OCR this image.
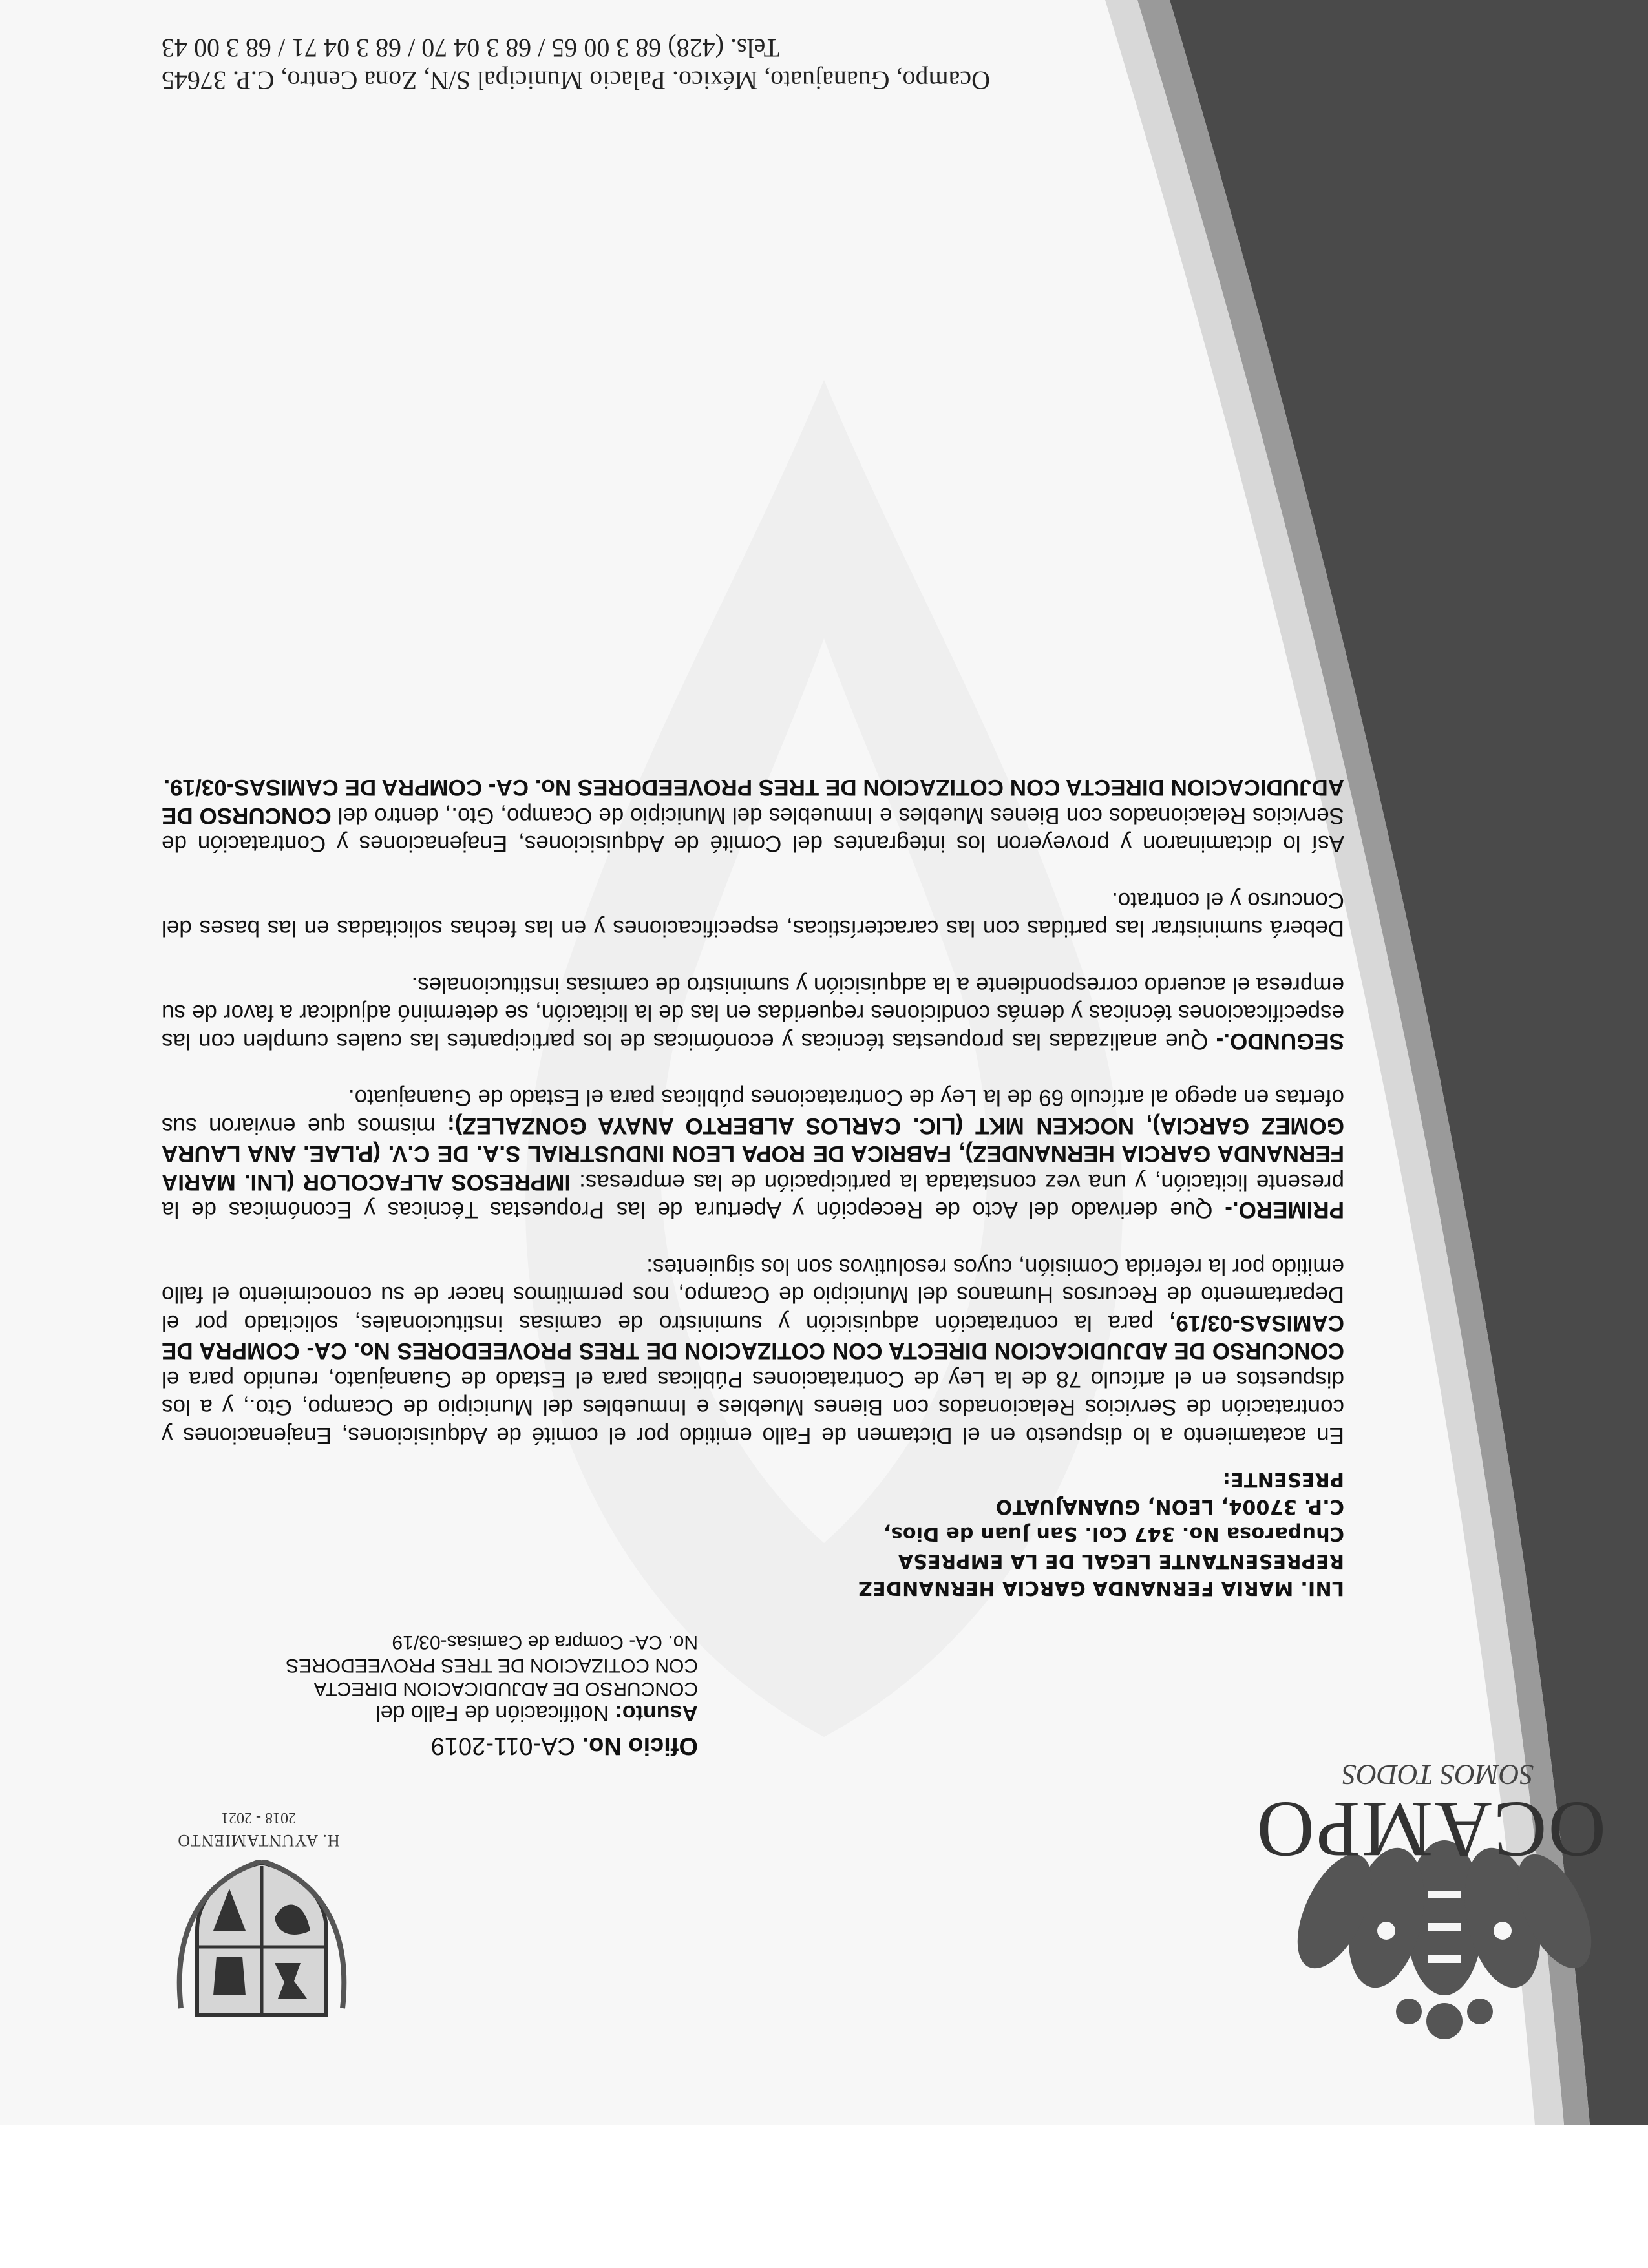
OCAMPO
SOMOS TODOS
H. AYUNTAMIENTO
2018 - 2021
Oficio No. CA-011-2019
Asunto: Notificación de Fallo del
CONCURSO DE ADJUDICACION DIRECTA
CON COTIZACION DE TRES PROVEEDORES
No. CA- Compra de Camisas-03/19
LNI. MARIA FERNANDA GARCIA HERNANDEZ
REPRESENTANTE LEGAL DE LA EMPRESA
Chuparosa No. 347 Col. San Juan de Dios,
C.P. 37004, LEON, GUANAJUATO
PRESENTE:

En acatamiento a lo dispuesto en el Dictamen de Fallo emitido por el comité de Adquisiciones, Enajenaciones y contratación de Servicios Relacionados con Bienes Muebles e Inmuebles del Municipio de Ocampo, Gto., y a los dispuestos en el artículo 78 de la Ley de Contrataciones Públicas para el Estado de Guanajuato, reunido para el CONCURSO DE ADJUDICACION DIRECTA CON COTIZACION DE TRES PROVEEDORES No. CA- COMPRA DE CAMISAS-03/19, para la contratación adquisición y suministro de camisas institucionales, solicitado por el Departamento de Recursos Humanos del Municipio de Ocampo, nos permitimos hacer de su conocimiento el fallo emitido por la referida Comisión, cuyos resolutivos son los siguientes:

PRIMERO.- Que derivado del Acto de Recepción y Apertura de las Propuestas Técnicas y Económicas de la presente licitación, y una vez constatada la participación de las empresas: IMPRESOS ALFACOLOR (LNI. MARIA FERNANDA GARCIA HERNANDEZ), FABRICA DE ROPA LEON INDUSTRIAL S.A. DE C.V. (P.LAE. ANA LAURA GOMEZ GARCIA), NOCKEN MKT (LIC. CARLOS ALBERTO ANAYA GONZALEZ); mismos que enviaron sus ofertas en apego al artículo 69 de la Ley de Contrataciones públicas para el Estado de Guanajuato.

SEGUNDO.- Que analizadas las propuestas técnicas y económicas de los participantes las cuales cumplen con las especificaciones técnicas y demás condiciones requeridas en las de la licitación, se determinó adjudicar a favor de su empresa el acuerdo correspondiente a la adquisición y suministro de camisas institucionales.

Deberá suministrar las partidas con las características, especificaciones y en las fechas solicitadas en las bases del Concurso y el contrato.

Así lo dictaminaron y proveyeron los integrantes del Comité de Adquisiciones, Enajenaciones y Contratación de Servicios Relacionados con Bienes Muebles e Inmuebles del Municipio de Ocampo, Gto., dentro del CONCURSO DE ADJUDICACION DIRECTA CON COTIZACION DE TRES PROVEEDORES No. CA- COMPRA DE CAMISAS-03/19.

Ocampo, Guanajuato, México. Palacio Municipal S/N, Zona Centro, C.P. 37645
Tels. (428) 68 3 00 65 / 68 3 04 70 / 68 3 04 71 / 68 3 00 43
